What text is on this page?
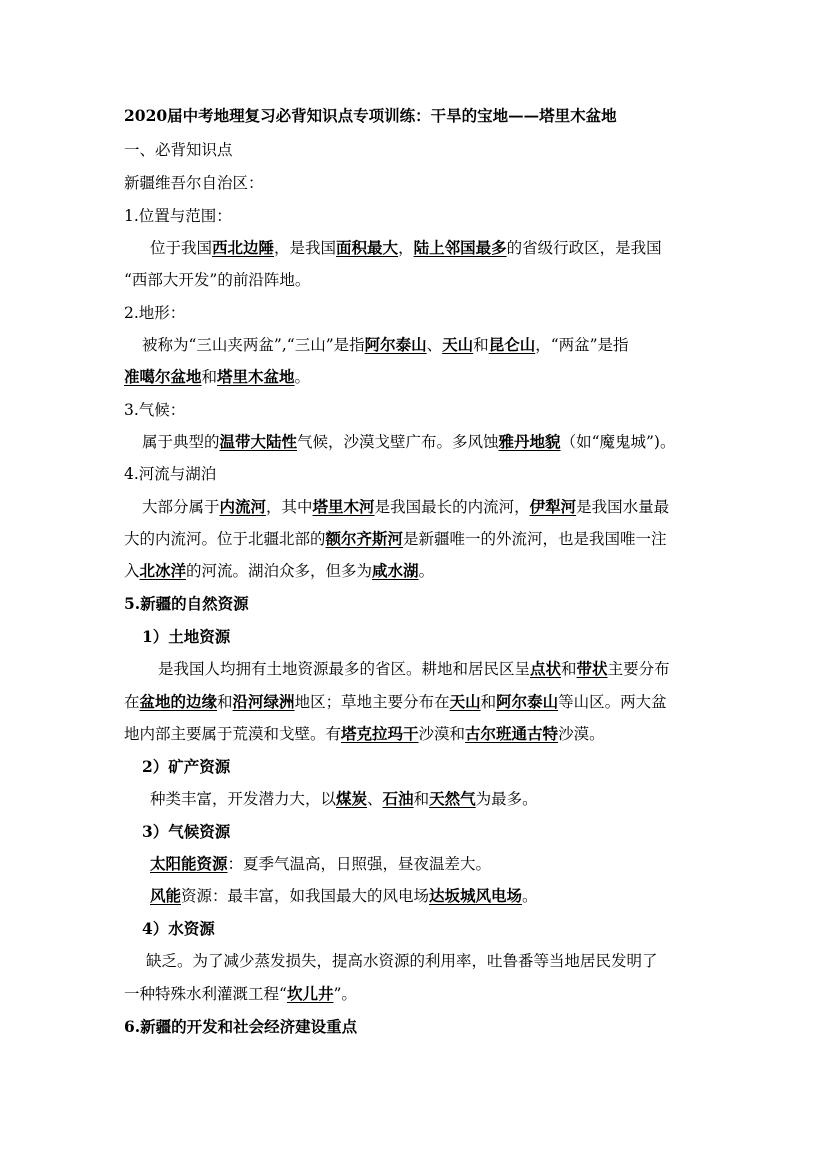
2020届中考地理复习必背知识点专项训练：干旱的宝地——塔里木盆地
一、必背知识点
新疆维吾尔自治区：
1.位置与范围：
位于我国西北边陲，是我国面积最大，陆上邻国最多的省级行政区，是我国
“西部大开发”的前沿阵地。
2.地形：
被称为“三山夹两盆”,“三山”是指阿尔泰山、天山和昆仑山，“两盆”是指
准噶尔盆地和塔里木盆地。
3.气候：
属于典型的温带大陆性气候，沙漠戈壁广布。多风蚀雅丹地貌（如“魔鬼城”)。
4.河流与湖泊
大部分属于内流河，其中塔里木河是我国最长的内流河，伊犁河是我国水量最
大的内流河。位于北疆北部的额尔齐斯河是新疆唯一的外流河，也是我国唯一注
入北冰洋的河流。湖泊众多，但多为咸水湖。
5.新疆的自然资源
1）土地资源
是我国人均拥有土地资源最多的省区。耕地和居民区呈点状和带状主要分布
在盆地的边缘和沿河绿洲地区；草地主要分布在天山和阿尔泰山等山区。两大盆
地内部主要属于荒漠和戈壁。有塔克拉玛干沙漠和古尔班通古特沙漠。
2）矿产资源
种类丰富，开发潜力大，以煤炭、石油和天然气为最多。
3）气候资源
太阳能资源：夏季气温高，日照强，昼夜温差大。
风能资源：最丰富，如我国最大的风电场达坂城风电场。
4）水资源
缺乏。为了减少蒸发损失，提高水资源的利用率，吐鲁番等当地居民发明了
一种特殊水利灌溉工程“坎儿井”。
6.新疆的开发和社会经济建设重点
